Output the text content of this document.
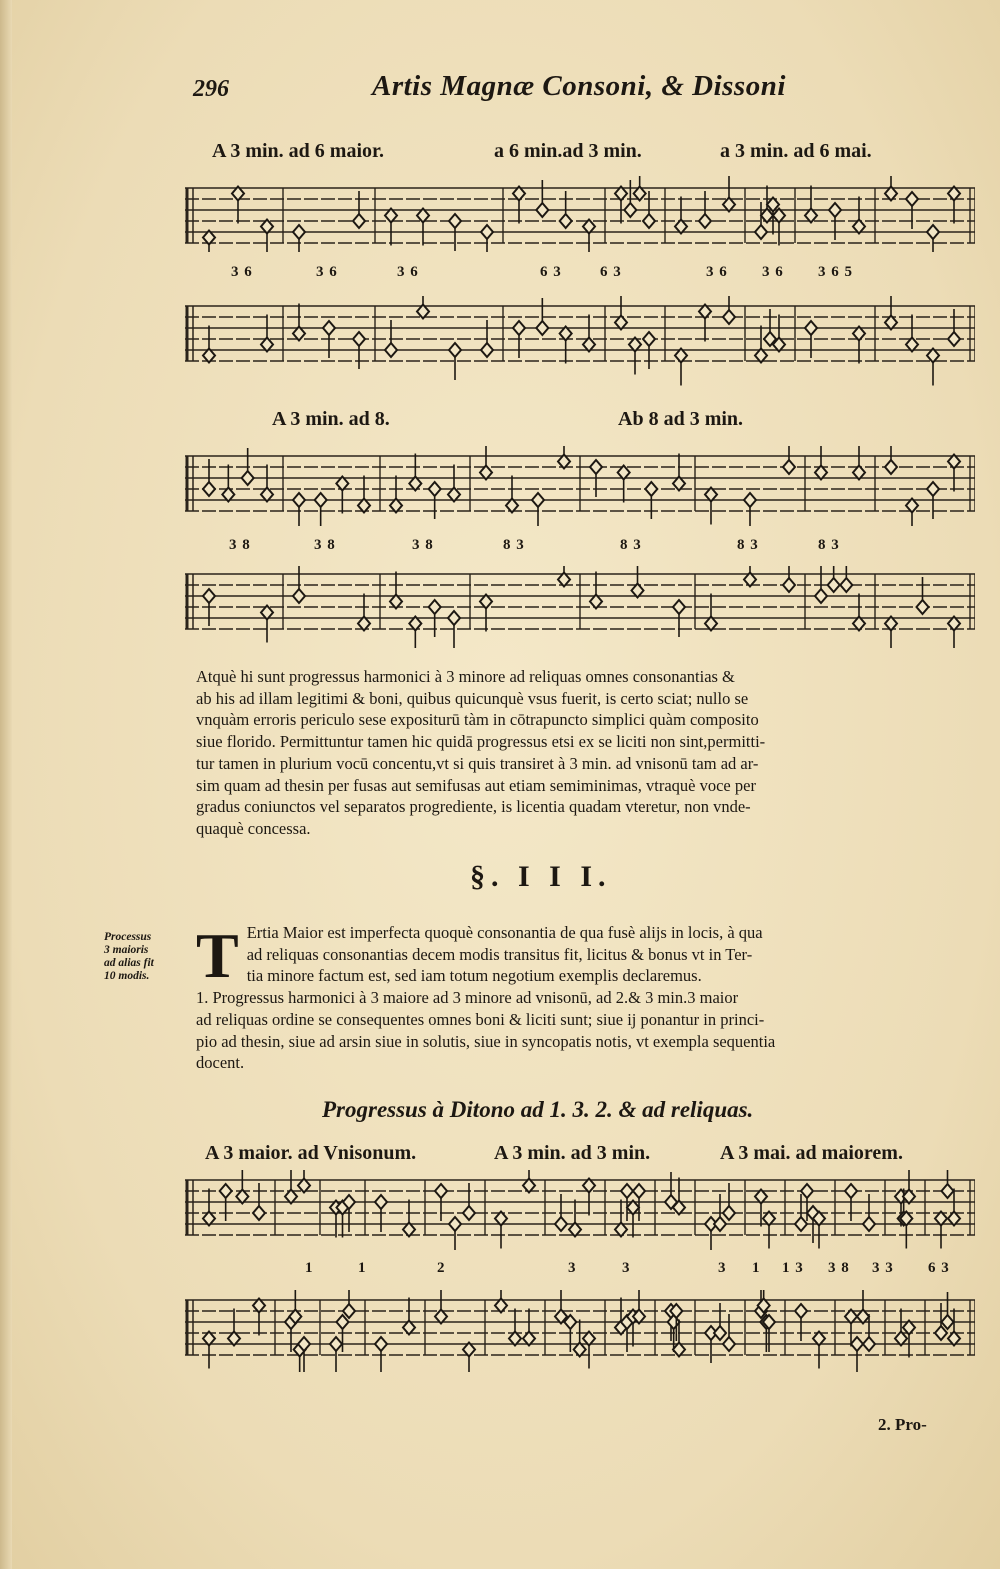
296	Artis Magnæ Consoni, & Dissoni
A 3 min. ad 6 maior.	a 6 min.ad 3 min.	a 3 min. ad 6 mai.
3 6	3 6	3 6	6 3	6 3	3 6 3 6 3 6 5
A 3 min. ad 8.	Ab 8 ad 3 min.
3 8	3 8	3 8	8 3	8 3	8 3	8 3

Atquè hi sunt progressus harmonici à 3 minore ad reliquas omnes consonantias &

ab his ad illam legitimi & boni, quibus quicunquè vsus fuerit, is certo sciat; nullo se

vnquàm erroris periculo sese expositurū tàm in cōtrapuncto simplici quàm composito

siue florido. Permittuntur tamen hic quidā progressus etsi ex se liciti non sint,permitti-

tur tamen in plurium vocū concentu,vt si quis transiret à 3 min. ad vnisonū tam ad ar-

sim quam ad thesin per fusas aut semifusas aut etiam semiminimas, vtraquè voce per

gradus coniunctos vel separatos progrediente, is licentia quadam vteretur, non vnde-

quaquè concessa.

§. I I I.
Processus
3 maioris
ad alias fit
10 modis. T Ertia Maior est imperfecta quoquè consonantia de qua fusè alijs in locis, à qua

ad reliquas consonantias decem modis transitus fit, licitus & bonus vt in Ter-

tia minore factum est, sed iam totum negotium exemplis declaremus.

1. Progressus harmonici à 3 maiore ad 3 minore ad vnisonū, ad 2.& 3 min.3 maior

ad reliquas ordine se consequentes omnes boni & liciti sunt; siue ij ponantur in princi-

pio ad thesin, siue ad arsin siue in solutis, siue in syncopatis notis, vt exempla sequentia

docent.

Progressus à Ditono ad 1. 3. 2. & ad reliquas.
A 3 maior. ad Vnisonum.	A 3 min. ad 3 min.	A 3 mai. ad maiorem.
1	1	2	3	3	3 1 1 3 3 8 3 3 6 3
2. Pro-
